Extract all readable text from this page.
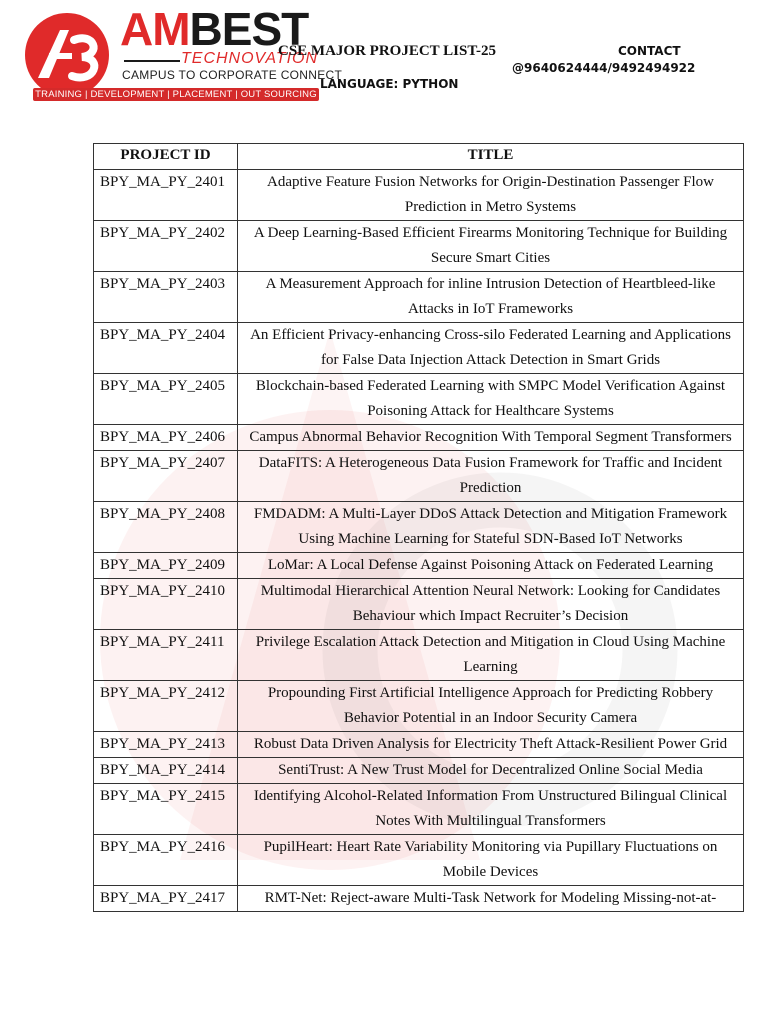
AMBEST
TECHNOVATION
CAMPUS TO CORPORATE CONNECT
TRAINING | DEVELOPMENT | PLACEMENT | OUT SOURCING
CSE MAJOR PROJECT LIST-25	CONTACT
@9640624444/9492494922
LANGUAGE: PYTHON
PROJECT ID	TITLE
BPY_MA_PY_2401	Adaptive Feature Fusion Networks for Origin-Destination Passenger Flow Prediction in Metro Systems
BPY_MA_PY_2402	A Deep Learning-Based Efficient Firearms Monitoring Technique for Building Secure Smart Cities
BPY_MA_PY_2403	A Measurement Approach for inline Intrusion Detection of Heartbleed-like Attacks in IoT Frameworks
BPY_MA_PY_2404	An Efficient Privacy-enhancing Cross-silo Federated Learning and Applications for False Data Injection Attack Detection in Smart Grids
BPY_MA_PY_2405	Blockchain-based Federated Learning with SMPC Model Verification Against Poisoning Attack for Healthcare Systems
BPY_MA_PY_2406	Campus Abnormal Behavior Recognition With Temporal Segment Transformers
BPY_MA_PY_2407	DataFITS: A Heterogeneous Data Fusion Framework for Traffic and Incident Prediction
BPY_MA_PY_2408	FMDADM: A Multi-Layer DDoS Attack Detection and Mitigation Framework Using Machine Learning for Stateful SDN-Based IoT Networks
BPY_MA_PY_2409	LoMar: A Local Defense Against Poisoning Attack on Federated Learning
BPY_MA_PY_2410	Multimodal Hierarchical Attention Neural Network: Looking for Candidates Behaviour which Impact Recruiter’s Decision
BPY_MA_PY_2411	Privilege Escalation Attack Detection and Mitigation in Cloud Using Machine Learning
BPY_MA_PY_2412	Propounding First Artificial Intelligence Approach for Predicting Robbery Behavior Potential in an Indoor Security Camera
BPY_MA_PY_2413	Robust Data Driven Analysis for Electricity Theft Attack-Resilient Power Grid
BPY_MA_PY_2414	SentiTrust: A New Trust Model for Decentralized Online Social Media
BPY_MA_PY_2415	Identifying Alcohol-Related Information From Unstructured Bilingual Clinical Notes With Multilingual Transformers
BPY_MA_PY_2416	PupilHeart: Heart Rate Variability Monitoring via Pupillary Fluctuations on Mobile Devices
BPY_MA_PY_2417	RMT-Net: Reject-aware Multi-Task Network for Modeling Missing-not-at-
